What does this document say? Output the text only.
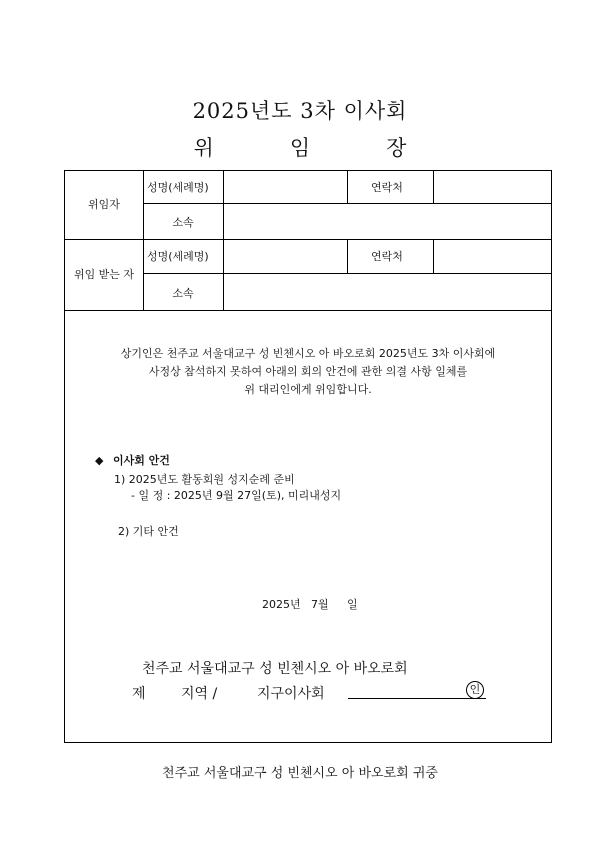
2025년도 3차 이사회
위	임	장
위임자
성명(세례명)	연락처
소속
위임 받는 자
성명(세례명)	연락처
소속
상기인은 천주교 서울대교구 성 빈첸시오 아 바오로회 2025년도 3차 이사회에
사정상 참석하지 못하여 아래의 회의 안건에 관한 의결 사항 일체를
위 대리인에게 위임합니다.
◆ 이사회 안건
1) 2025년도 활동회원 성지순례 준비
- 일 정 : 2025년 9월 27일(토), 미리내성지
2) 기타 안건
2025년 7월 일
천주교 서울대교구 성 빈첸시오 아 바오로회
제	지역 /	지구이사회	인
천주교 서울대교구 성 빈첸시오 아 바오로회 귀중
